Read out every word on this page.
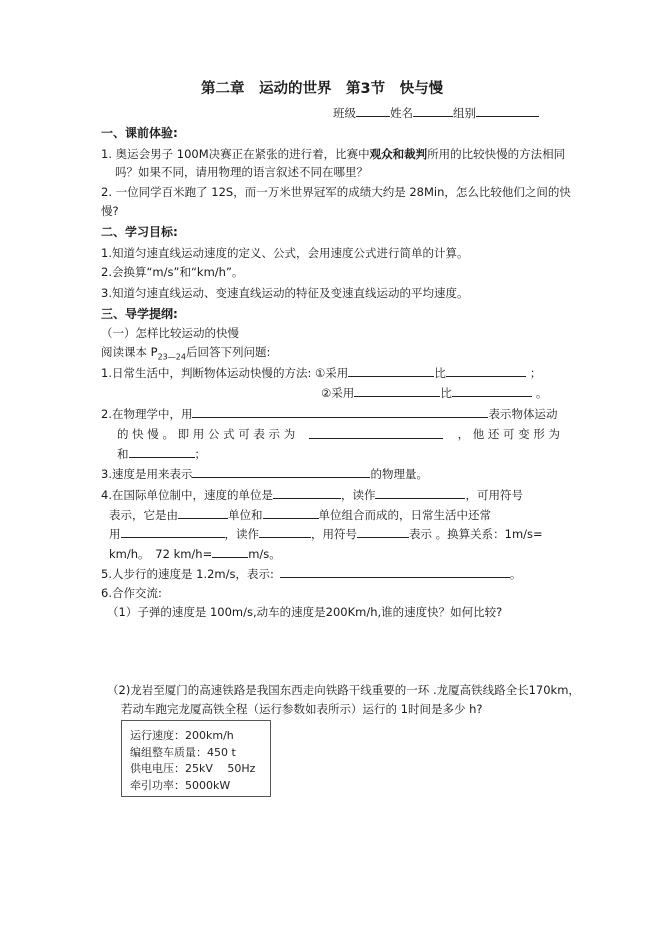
第二章　运动的世界　第3节　快与慢
班级	姓名	组别
一、课前体验:
1. 奥运会男子 100M决赛正在紧张的进行着，比赛中观众和裁判所用的比较快慢的方法相同
吗？如果不同，请用物理的语言叙述不同在哪里？
2. 一位同学百米跑了 12S，而一万米世界冠军的成绩大约是 28Min，怎么比较他们之间的快
慢?
二、学习目标:
1.知道匀速直线运动速度的定义、公式，会用速度公式进行简单的计算。
2.会换算“m/s”和“km/h”。
3.知道匀速直线运动、变速直线运动的特征及变速直线运动的平均速度。
三、导学提纲:
（一）怎样比较运动的快慢
阅读课本 $P_{23—24}$后回答下列问题:
1.日常生活中，判断物体运动快慢的方法: ①采用	比	；
②采用	比	。
2.在物理学中，用	表示物体运动
的 快 慢 。 即 用 公 式 可 表 示 为	， 他 还 可 变 形 为
和	；
3.速度是用来表示	的物理量。
4.在国际单位制中，速度的单位是	，读作	，可用符号
表示，它是由	单位和	单位组合而成的，日常生活中还常
用	，读作	，用符号	表示 。换算关系：1m/s=
km/h。　72 km/h=	m/s。
5.人步行的速度是 1.2m/s，表示:	。
6.合作交流:
（1）子弹的速度是 100m/s,动车的速度是200Km/h,谁的速度快？如何比较?
（2)龙岩至厦门的高速铁路是我国东西走向铁路干线重要的一环 .龙厦高铁线路全长170km，
若动车跑完龙厦高铁全程（运行参数如表所示）运行的 1时间是多少 h?
运行速度：200km/h
编组整车质量：450 t
供电电压：25kV　 50Hz
牵引功率：5000kW
